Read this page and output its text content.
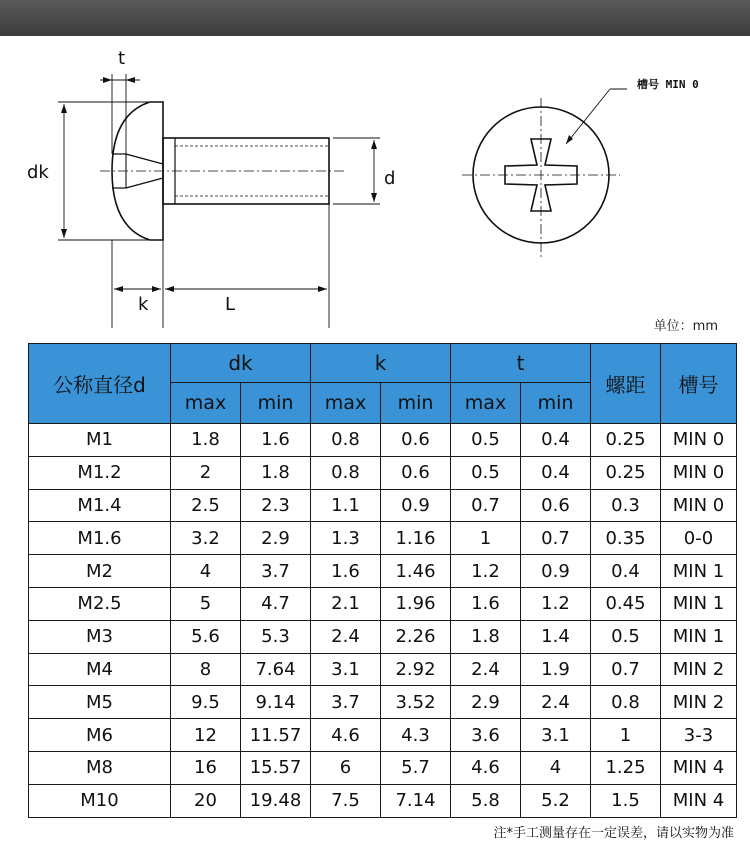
t
dk	d
k	L
槽号 MIN 0
单位：mm
公称直径d	dk		k		t		螺距	槽号
	max	min	max	min	max	min		
M1	1.8	1.6	0.8	0.6	0.5	0.4	0.25	MIN 0
M1.2	2	1.8	0.8	0.6	0.5	0.4	0.25	MIN 0
M1.4	2.5	2.3	1.1	0.9	0.7	0.6	0.3	MIN 0
M1.6	3.2	2.9	1.3	1.16	1	0.7	0.35	0-0
M2	4	3.7	1.6	1.46	1.2	0.9	0.4	MIN 1
M2.5	5	4.7	2.1	1.96	1.6	1.2	0.45	MIN 1
M3	5.6	5.3	2.4	2.26	1.8	1.4	0.5	MIN 1
M4	8	7.64	3.1	2.92	2.4	1.9	0.7	MIN 2
M5	9.5	9.14	3.7	3.52	2.9	2.4	0.8	MIN 2
M6	12	11.57	4.6	4.3	3.6	3.1	1	3-3
M8	16	15.57	6	5.7	4.6	4	1.25	MIN 4
M10	20	19.48	7.5	7.14	5.8	5.2	1.5	MIN 4
注*手工测量存在一定误差，请以实物为准
